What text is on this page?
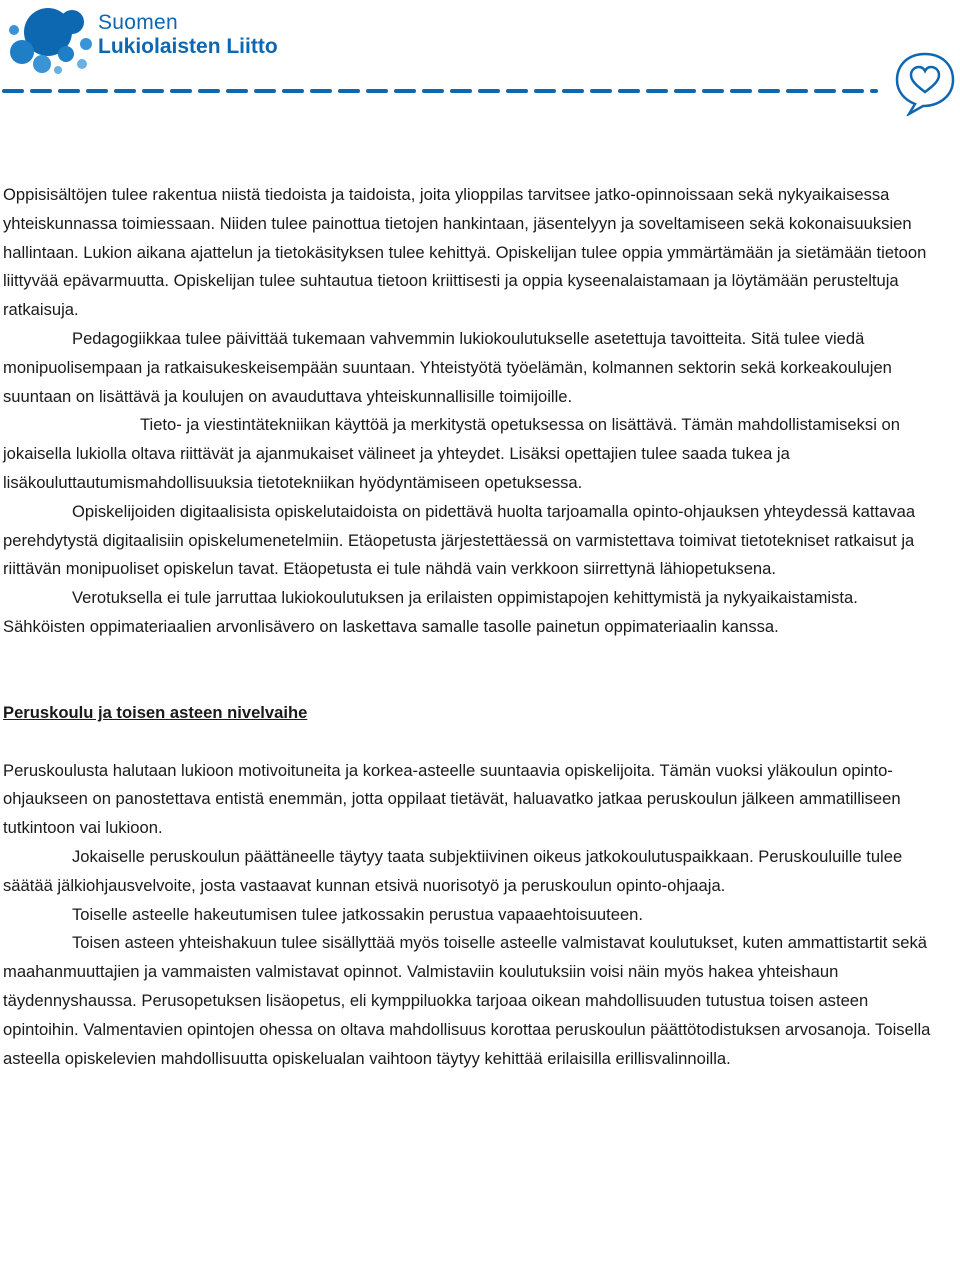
Suomen
Lukiolaisten Liitto

Oppisisältöjen tulee rakentua niistä tiedoista ja taidoista, joita ylioppilas tarvitsee jatko-opinnoissaan sekä nykyaikaisessa yhteiskunnassa toimiessaan. Niiden tulee painottua tietojen hankintaan, jäsentelyyn ja soveltamiseen sekä kokonaisuuksien hallintaan. Lukion aikana ajattelun ja tietokäsityksen tulee kehittyä. Opiskelijan tulee oppia ymmärtämään ja sietämään tietoon liittyvää epävarmuutta. Opiskelijan tulee suhtautua tietoon kriittisesti ja oppia kyseenalaistamaan ja löytämään perusteltuja ratkaisuja.

Pedagogiikkaa tulee päivittää tukemaan vahvemmin lukiokoulutukselle asetettuja tavoitteita. Sitä tulee viedä monipuolisempaan ja ratkaisukeskeisempään suuntaan. Yhteistyötä työelämän, kolmannen sektorin sekä korkeakoulujen suuntaan on lisättävä ja koulujen on avauduttava yhteiskunnallisille toimijoille.

Tieto- ja viestintätekniikan käyttöä ja merkitystä opetuksessa on lisättävä. Tämän mahdollistamiseksi on jokaisella lukiolla oltava riittävät ja ajanmukaiset välineet ja yhteydet. Lisäksi opettajien tulee saada tukea ja lisäkouluttautumismahdollisuuksia tietotekniikan hyödyntämiseen opetuksessa.

Opiskelijoiden digitaalisista opiskelutaidoista on pidettävä huolta tarjoamalla opinto-ohjauksen yhteydessä kattavaa perehdytystä digitaalisiin opiskelumenetelmiin. Etäopetusta järjestettäessä on varmistettava toimivat tietotekniset ratkaisut ja riittävän monipuoliset opiskelun tavat. Etäopetusta ei tule nähdä vain verkkoon siirrettynä lähiopetuksena.

Verotuksella ei tule jarruttaa lukiokoulutuksen ja erilaisten oppimistapojen kehittymistä ja nykyaikaistamista. Sähköisten oppimateriaalien arvonlisävero on laskettava samalle tasolle painetun oppimateriaalin kanssa.

Peruskoulu ja toisen asteen nivelvaihe

Peruskoulusta halutaan lukioon motivoituneita ja korkea-asteelle suuntaavia opiskelijoita. Tämän vuoksi yläkoulun opinto-ohjaukseen on panostettava entistä enemmän, jotta oppilaat tietävät, haluavatko jatkaa peruskoulun jälkeen ammatilliseen tutkintoon vai lukioon.

Jokaiselle peruskoulun päättäneelle täytyy taata subjektiivinen oikeus jatkokoulutuspaikkaan. Peruskouluille tulee säätää jälkiohjausvelvoite, josta vastaavat kunnan etsivä nuorisotyö ja peruskoulun opinto-ohjaaja.

Toiselle asteelle hakeutumisen tulee jatkossakin perustua vapaaehtoisuuteen.

Toisen asteen yhteishakuun tulee sisällyttää myös toiselle asteelle valmistavat koulutukset, kuten ammattistartit sekä maahanmuuttajien ja vammaisten valmistavat opinnot. Valmistaviin koulutuksiin voisi näin myös hakea yhteishaun täydennyshaussa. Perusopetuksen lisäopetus, eli kymppiluokka tarjoaa oikean mahdollisuuden tutustua toisen asteen opintoihin. Valmentavien opintojen ohessa on oltava mahdollisuus korottaa peruskoulun päättötodistuksen arvosanoja. Toisella asteella opiskelevien mahdollisuutta opiskelualan vaihtoon täytyy kehittää erilaisilla erillisvalinnoilla.
